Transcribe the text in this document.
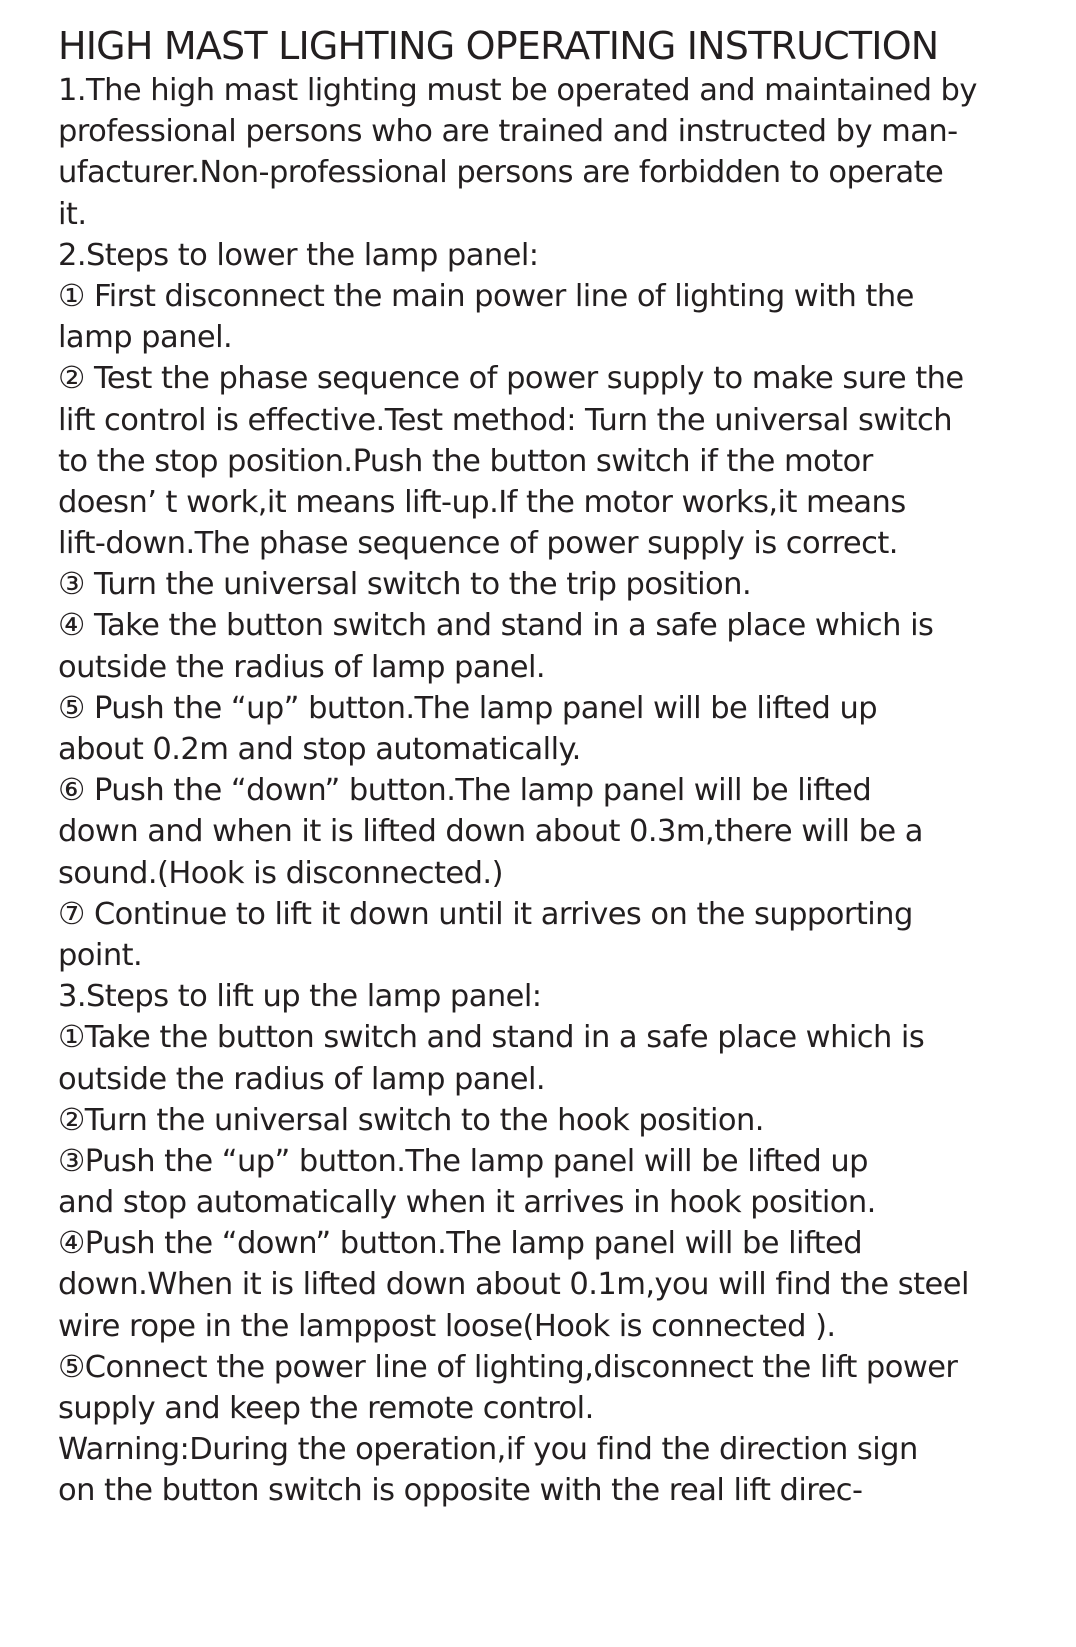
HIGH MAST LIGHTING OPERATING INSTRUCTION
1.The high mast lighting must be operated and maintained by
professional persons who are trained and instructed by man-
ufacturer.Non-professional persons are forbidden to operate
it.
2.Steps to lower the lamp panel:
① First disconnect the main power line of lighting with the
lamp panel.
② Test the phase sequence of power supply to make sure the
lift control is effective.Test method: Turn the universal switch
to the stop position.Push the button switch if the motor
doesn’ t work,it means lift-up.If the motor works,it means
lift-down.The phase sequence of power supply is correct.
③ Turn the universal switch to the trip position.
④ Take the button switch and stand in a safe place which is
outside the radius of lamp panel.
⑤ Push the “up” button.The lamp panel will be lifted up
about 0.2m and stop automatically.
⑥ Push the “down” button.The lamp panel will be lifted
down and when it is lifted down about 0.3m,there will be a
sound.(Hook is disconnected.)
⑦ Continue to lift it down until it arrives on the supporting
point.
3.Steps to lift up the lamp panel:
①Take the button switch and stand in a safe place which is
outside the radius of lamp panel.
②Turn the universal switch to the hook position.
③Push the “up” button.The lamp panel will be lifted up
and stop automatically when it arrives in hook position.
④Push the “down” button.The lamp panel will be lifted
down.When it is lifted down about 0.1m,you will find the steel
wire rope in the lamppost loose(Hook is connected ).
⑤Connect the power line of lighting,disconnect the lift power
supply and keep the remote control.
Warning:During the operation,if you find the direction sign
on the button switch is opposite with the real lift direc-
